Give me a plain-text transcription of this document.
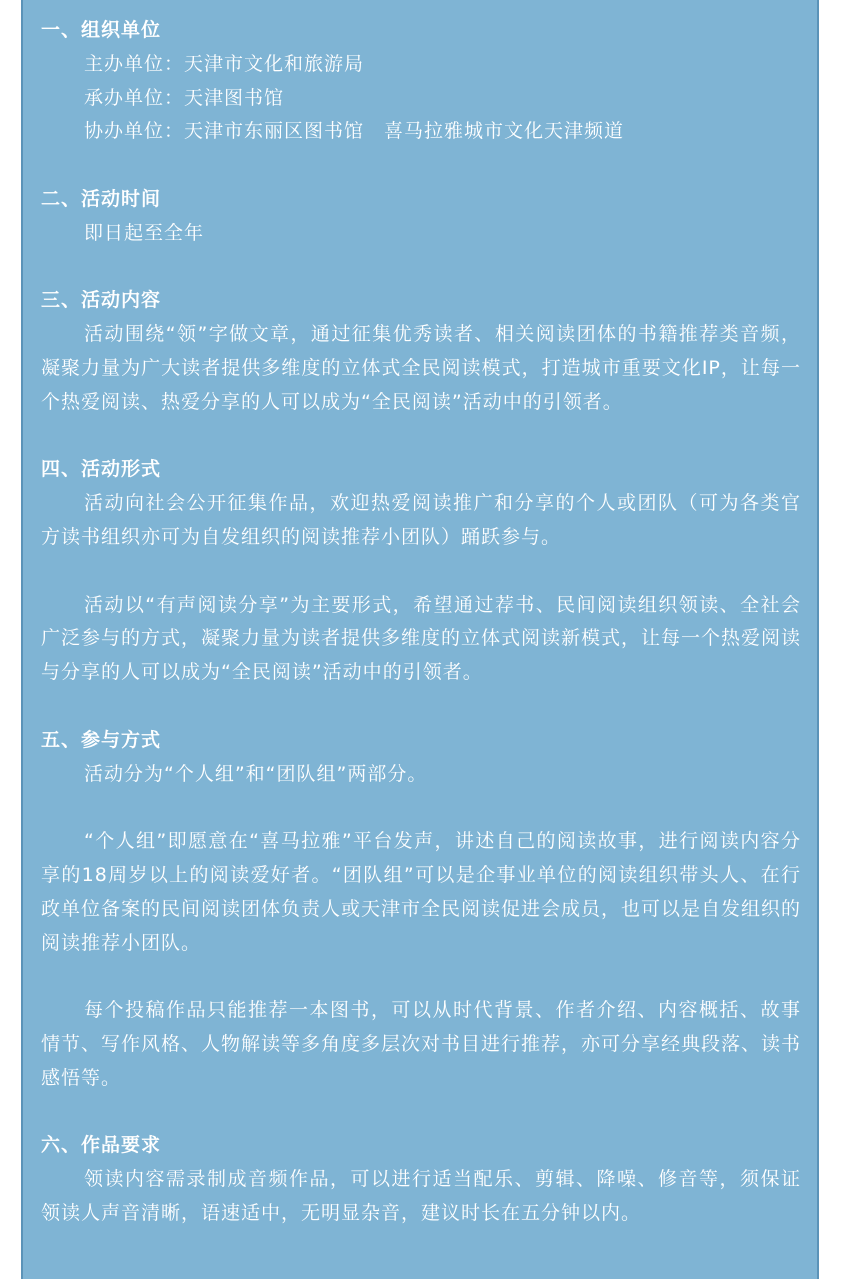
一、组织单位

主办单位：天津市文化和旅游局

承办单位：天津图书馆

协办单位：天津市东丽区图书馆 喜马拉雅城市文化天津频道

二、活动时间

即日起至全年

三、活动内容

活动围绕“领”字做文章，通过征集优秀读者、相关阅读团体的书籍推荐类音频，凝聚力量为广大读者提供多维度的立体式全民阅读模式，打造城市重要文化IP，让每一个热爱阅读、热爱分享的人可以成为“全民阅读”活动中的引领者。

四、活动形式

活动向社会公开征集作品，欢迎热爱阅读推广和分享的个人或团队（可为各类官方读书组织亦可为自发组织的阅读推荐小团队）踊跃参与。

活动以“有声阅读分享”为主要形式，希望通过荐书、民间阅读组织领读、全社会广泛参与的方式，凝聚力量为读者提供多维度的立体式阅读新模式，让每一个热爱阅读与分享的人可以成为“全民阅读”活动中的引领者。

五、参与方式

活动分为“个人组”和“团队组”两部分。

“个人组”即愿意在“喜马拉雅”平台发声，讲述自己的阅读故事，进行阅读内容分享的18周岁以上的阅读爱好者。“团队组”可以是企事业单位的阅读组织带头人、在行政单位备案的民间阅读团体负责人或天津市全民阅读促进会成员，也可以是自发组织的阅读推荐小团队。

每个投稿作品只能推荐一本图书，可以从时代背景、作者介绍、内容概括、故事情节、写作风格、人物解读等多角度多层次对书目进行推荐，亦可分享经典段落、读书感悟等。

六、作品要求

领读内容需录制成音频作品，可以进行适当配乐、剪辑、降噪、修音等，须保证领读人声音清晰，语速适中，无明显杂音，建议时长在五分钟以内。
